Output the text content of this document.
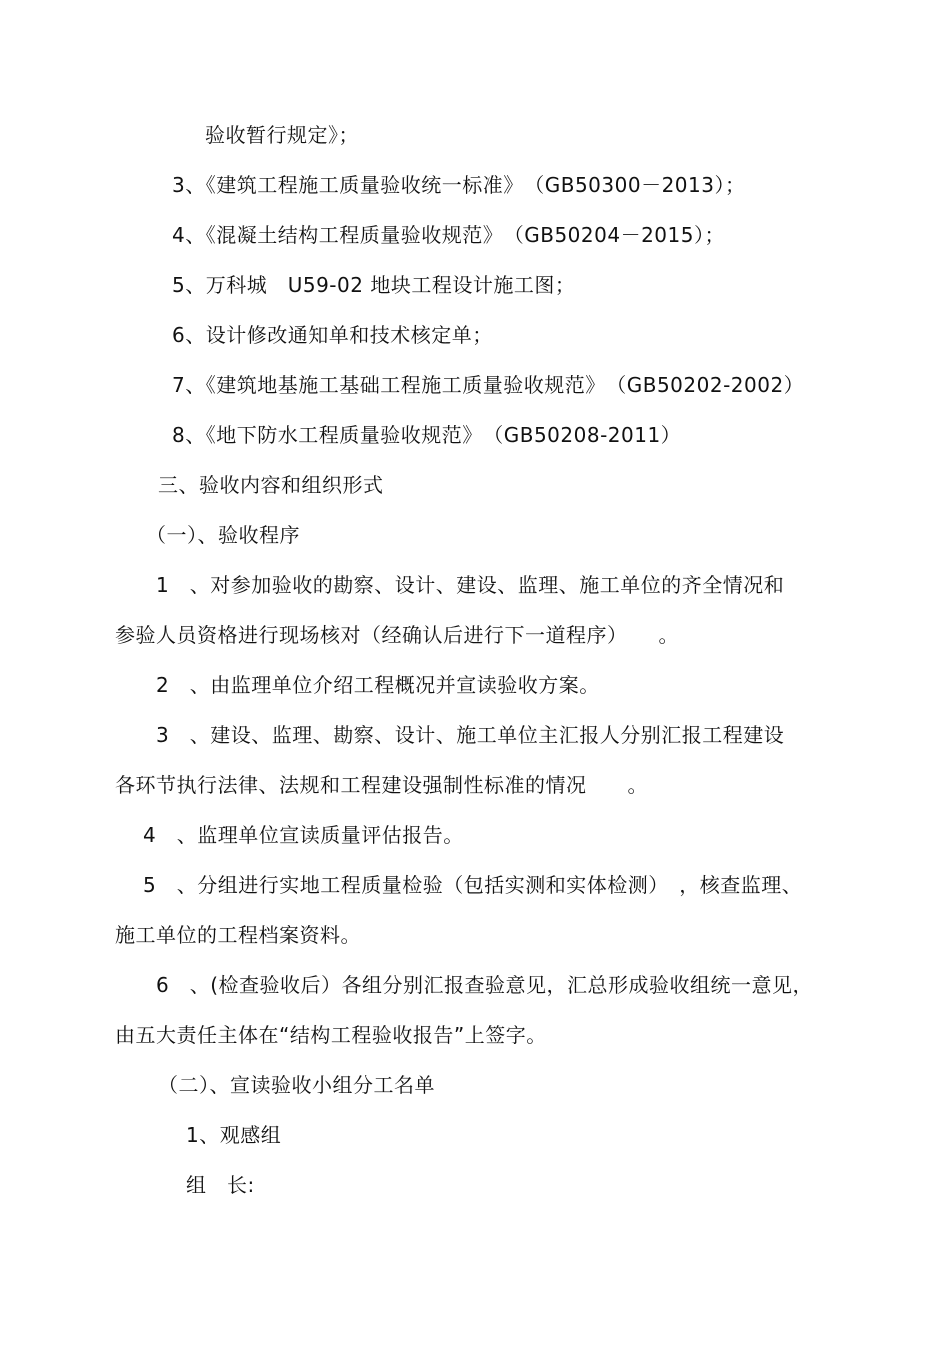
验收暂行规定》；
3、《建筑工程施工质量验收统一标准》　（GB50300－2013）；
4、《混凝土结构工程质量验收规范》　（GB50204－2015）；
5、万科城　U59-02 地块工程设计施工图；
6、设计修改通知单和技术核定单；
7、《建筑地基施工基础工程施工质量验收规范》　（GB50202-2002）
8、《地下防水工程质量验收规范》　（GB50208-2011）
三、验收内容和组织形式
（一）、验收程序
1　、对参加验收的勘察、设计、建设、监理、施工单位的齐全情况和
参验人员资格进行现场核对（经确认后进行下一道程序）　　。
2　、由监理单位介绍工程概况并宣读验收方案。
3　、建设、监理、勘察、设计、施工单位主汇报人分别汇报工程建设
各环节执行法律、法规和工程建设强制性标准的情况　　。
4　、监理单位宣读质量评估报告。
5　、分组进行实地工程质量检验（包括实测和实体检测）　，核查监理、
施工单位的工程档案资料。
6　、(检查验收后）各组分别汇报查验意见，汇总形成验收组统一意见，
由五大责任主体在“结构工程验收报告”上签字。
（二）、宣读验收小组分工名单
1、观感组
组　长:
